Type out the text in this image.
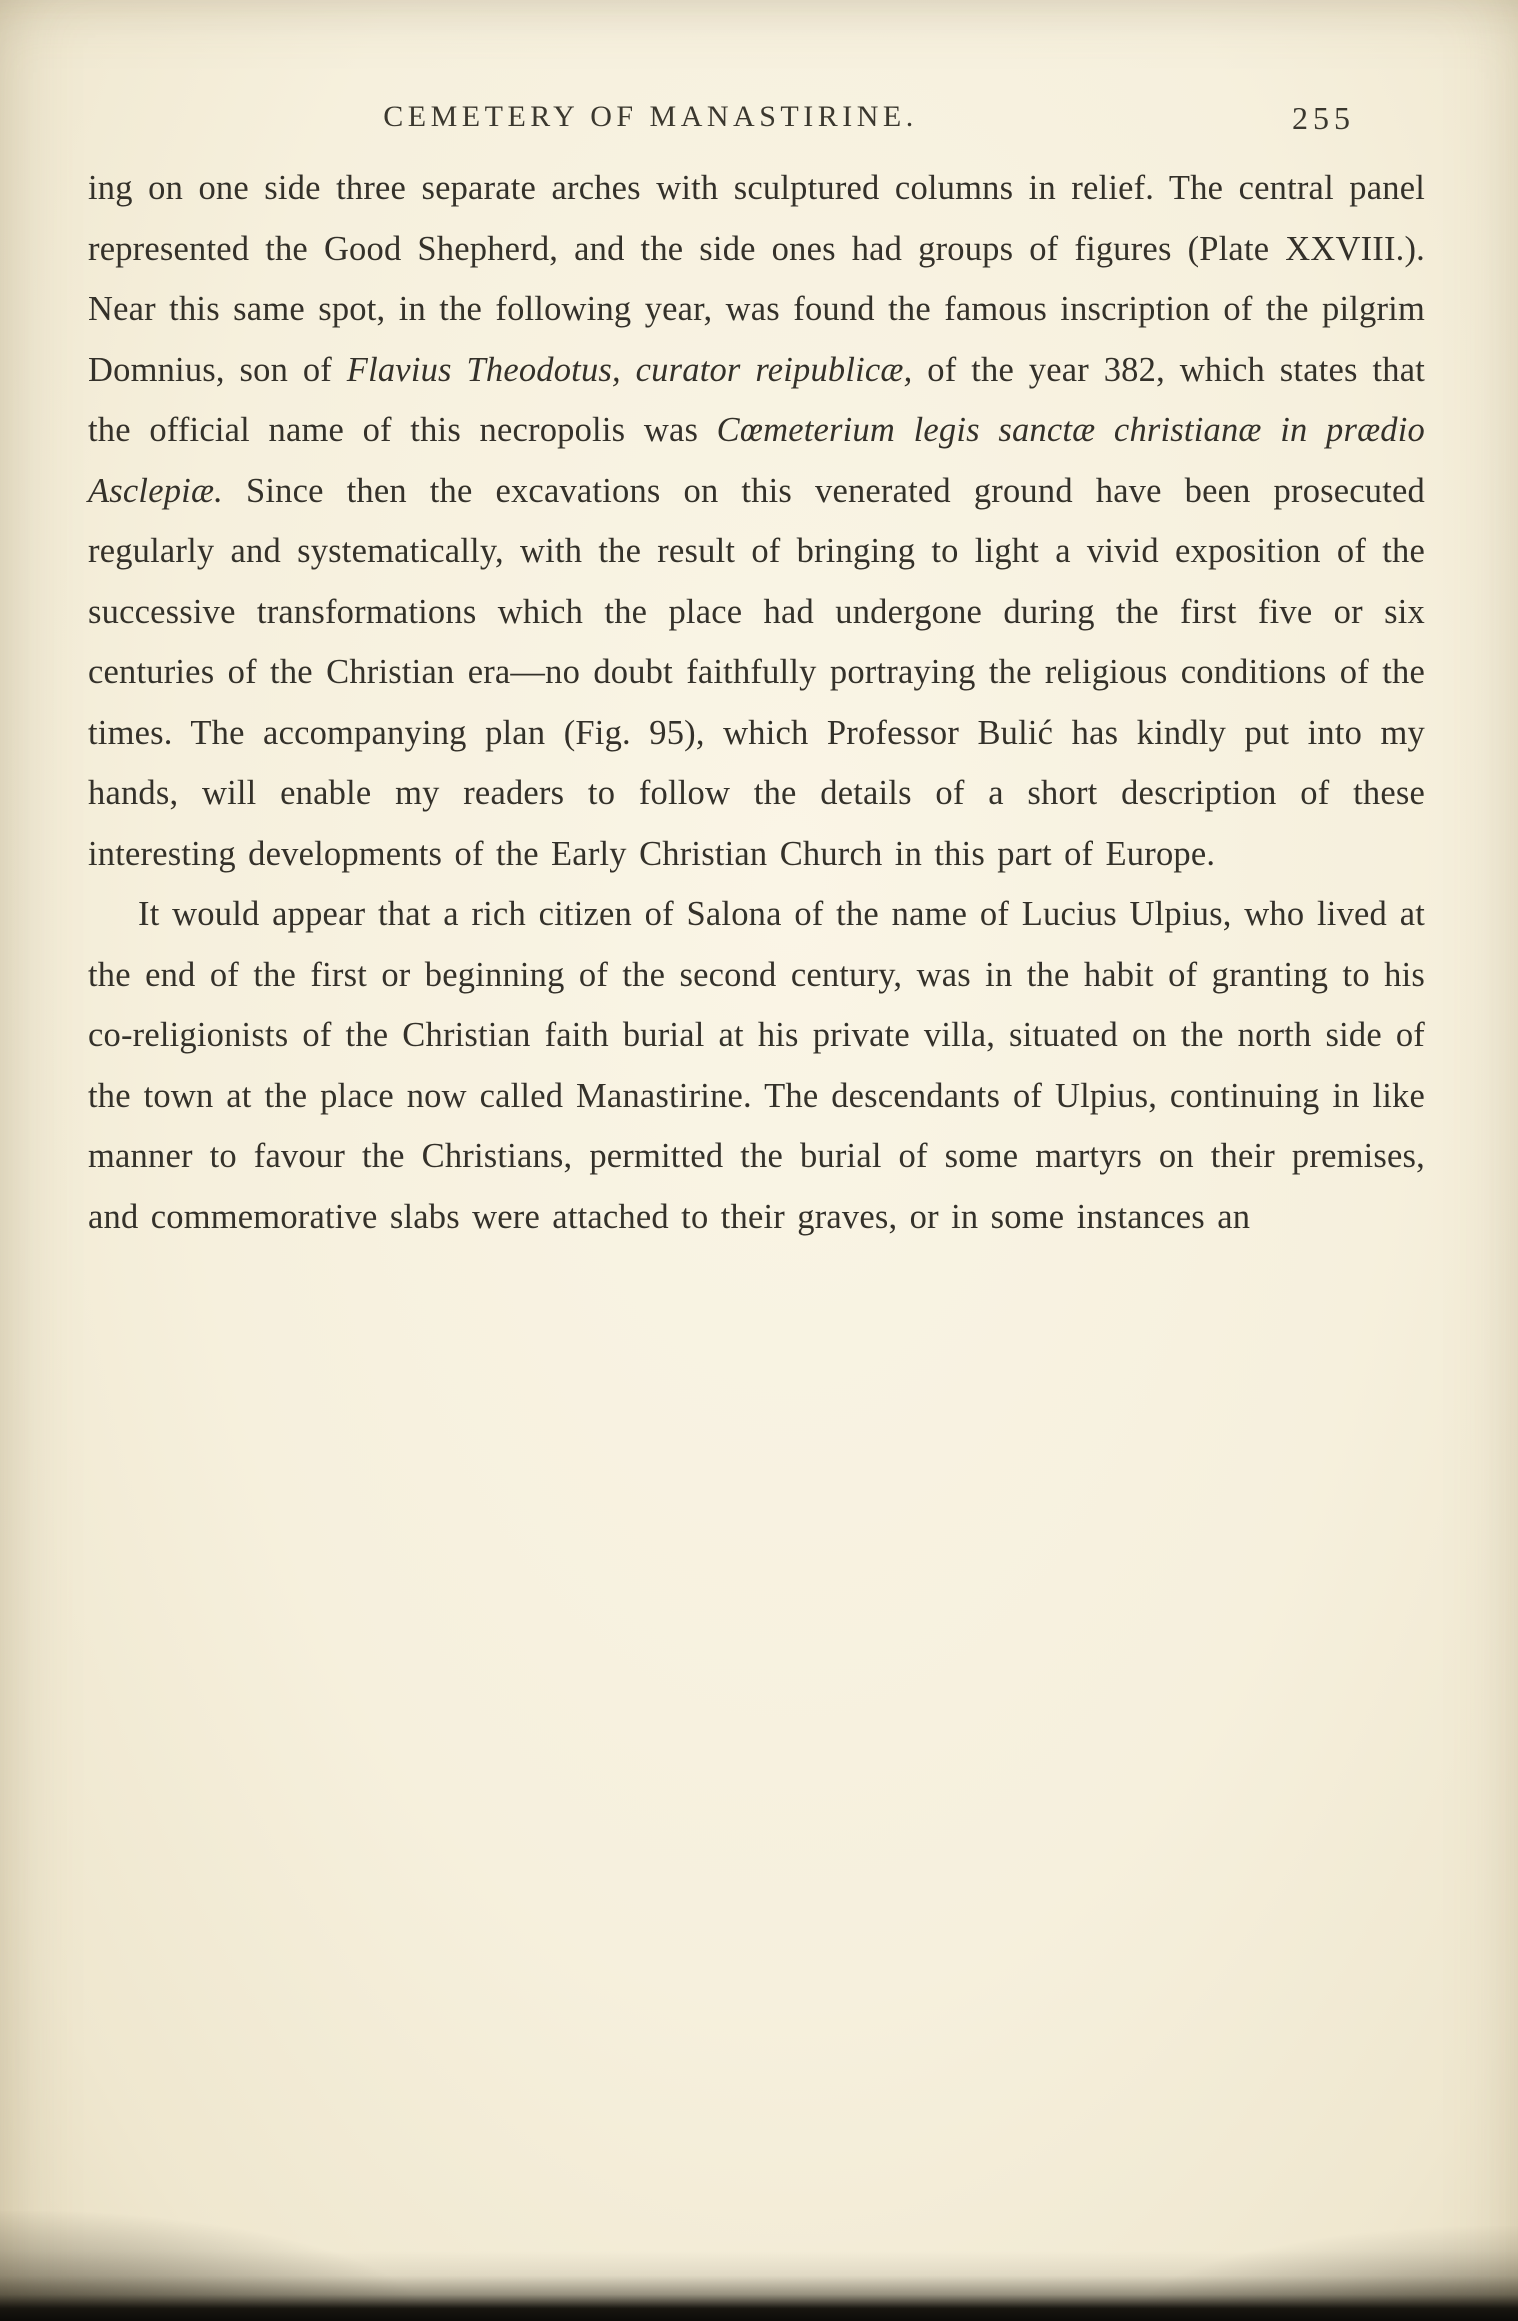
CEMETERY OF MANASTIRINE.	255

ing on one side three separate arches with sculptured columns in relief. The central panel represented the Good Shepherd, and the side ones had groups of figures (Plate XXVIII.). Near this same spot, in the following year, was found the famous inscription of the pilgrim Domnius, son of Flavius Theodotus, curator reipublicæ, of the year 382, which states that the official name of this necropolis was Cœmeterium legis sanctæ christianæ in prædio Asclepiæ. Since then the excavations on this venerated ground have been prosecuted regularly and systematically, with the result of bringing to light a vivid exposition of the successive transformations which the place had undergone during the first five or six centuries of the Christian era—no doubt faithfully portraying the religious conditions of the times. The accompanying plan (Fig. 95), which Professor Bulić has kindly put into my hands, will enable my readers to follow the details of a short description of these interesting developments of the Early Christian Church in this part of Europe.

It would appear that a rich citizen of Salona of the name of Lucius Ulpius, who lived at the end of the first or beginning of the second century, was in the habit of granting to his co-religionists of the Christian faith burial at his private villa, situated on the north side of the town at the place now called Manastirine. The descendants of Ulpius, continuing in like manner to favour the Christians, permitted the burial of some martyrs on their premises, and commemorative slabs were attached to their graves, or in some instances an
